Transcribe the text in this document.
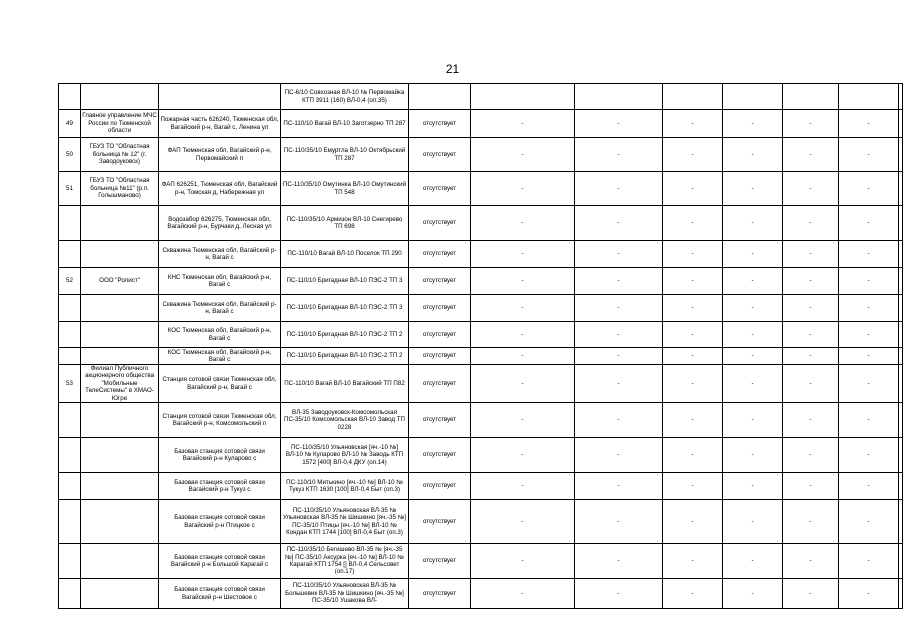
21
			ПС-6/10 Совхозная ВЛ-10 № Первомайка КТП 3911 (160) ВЛ-0,4 (оп.35)								
49	Главное управление МЧС России по Тюменской области	Пожарная часть 626240, Тюменская обл, Вагайский р-н, Вагай с, Ленина ул	ПС-110/10 Вагай ВЛ-10 Заготзерно ТП 287	отсутствует	-	-	-	-	-	-	
50	ГБУЗ ТО "Областная больница № 12" (г. Заводоуковск)	ФАП Тюменская обл, Вагайский р-н, Первомайский п	ПС-110/35/10 Емуртла ВЛ-10 Октябрьский ТП 287	отсутствует	-	-	-	-	-	-	
51	ГБУЗ ТО "Областная больница №11" (р.п. Голышманово)	ФАП 626251, Тюменская обл, Вагайский р-н, Томская д, Набережная ул	ПС-110/35/10 Омутинка ВЛ-10 Омутинский ТП 548	отсутствует	-	-	-	-	-	-	
		Водозабор 626275, Тюменская обл, Вагайский р-н, Бурчаки д, Лесная ул	ПС-110/35/10 Армизон ВЛ-10 Снегирево ТП 698	отсутствует	-	-	-	-	-	-	
		Скважина Тюменская обл, Вагайский р-н, Вагай с	ПС-110/10 Вагай ВЛ-10 Поселок ТП 290	отсутствует	-	-	-	-	-	-	
52	ООО "Ролист"	КНС Тюменская обл, Вагайский р-н, Вагай с	ПС-110/10 Бригадная ВЛ-10 ПЭС-2 ТП 3	отсутствует	-	-	-	-	-	-	
		Скважина Тюменская обл, Вагайский р-н, Вагай с	ПС-110/10 Бригадная ВЛ-10 ПЭС-2 ТП 3	отсутствует	-	-	-	-	-	-	
		КОС Тюменская обл, Вагайский р-н, Вагай с	ПС-110/10 Бригадная ВЛ-10 ПЭС-2 ТП 2	отсутствует	-	-	-	-	-	-	
		КОС Тюменская обл, Вагайский р-н, Вагай с	ПС-110/10 Бригадная ВЛ-10 ПЭС-2 ТП 2	отсутствует	-	-	-	-	-	-	
53	Филиал Публичного акционерного общества "Мобильные ТелеСистемы" в ХМАО-Югре	Станция сотовой связи Тюменская обл, Вагайский р-н, Вагай с	ПС-110/10 Вагай ВЛ-10 Вагайский ТП П82	отсутствует	-	-	-	-	-	-	
		Станция сотовой связи Тюменская обл, Вагайский р-н, Комсомольский п	ВЛ-35 Заводоуковск-Комсомольская ПС-35/10 Комсомольская ВЛ-10 Завод ТП 0228	отсутствует	-	-	-	-	-	-	
		Базовая станция сотовой связи Вагайский р-н Куларово с	ПС-110/35/10 Ульяновская [яч.-10 №] ВЛ-10 № Куларово ВЛ-10 № Заводь КТП 1572 [400] ВЛ-0,4 ДКУ (оп.14)	отсутствует	-	-	-	-	-	-	
		Базовая станция сотовой связи Вагайский р-н Тукуз с	ПС-110/10 Митькино [яч.-10 №] ВЛ-10 № Тукуз КТП 1630 [100] ВЛ-0,4 Быт (оп.3)	отсутствует	-	-	-	-	-	-	
		Базовая станция сотовой связи Вагайский р-н Птицкое с	ПС-110/35/10 Ульяновская ВЛ-35 № Ульяновская ВЛ-35 № Шишкино [яч.-35 №] ПС-35/10 Птицы [яч.-10 №] ВЛ-10 № Кондан КТП 1744 [100] ВЛ-0,4 Быт (оп.3)	отсутствует	-	-	-	-	-	-	
		Базовая станция сотовой связи Вагайский р-н Большой Карагай с	ПС-110/35/10 Бегишево ВЛ-35 № [яч.-35 №] ПС-35/10 Аксурка [яч.-10 №] ВЛ-10 № Карагай КТП 1754 [] ВЛ-0,4 Сельсовет (оп.17)	отсутствует	-	-	-	-	-	-	
		Базовая станция сотовой связи Вагайский р-н Шестовое с	ПС-110/35/10 Ульяновская ВЛ-35 № Большевик ВЛ-35 № Шишкино [яч.-35 №] ПС-35/10 Ушакова ВЛ-	отсутствует	-	-	-	-	-	-	
